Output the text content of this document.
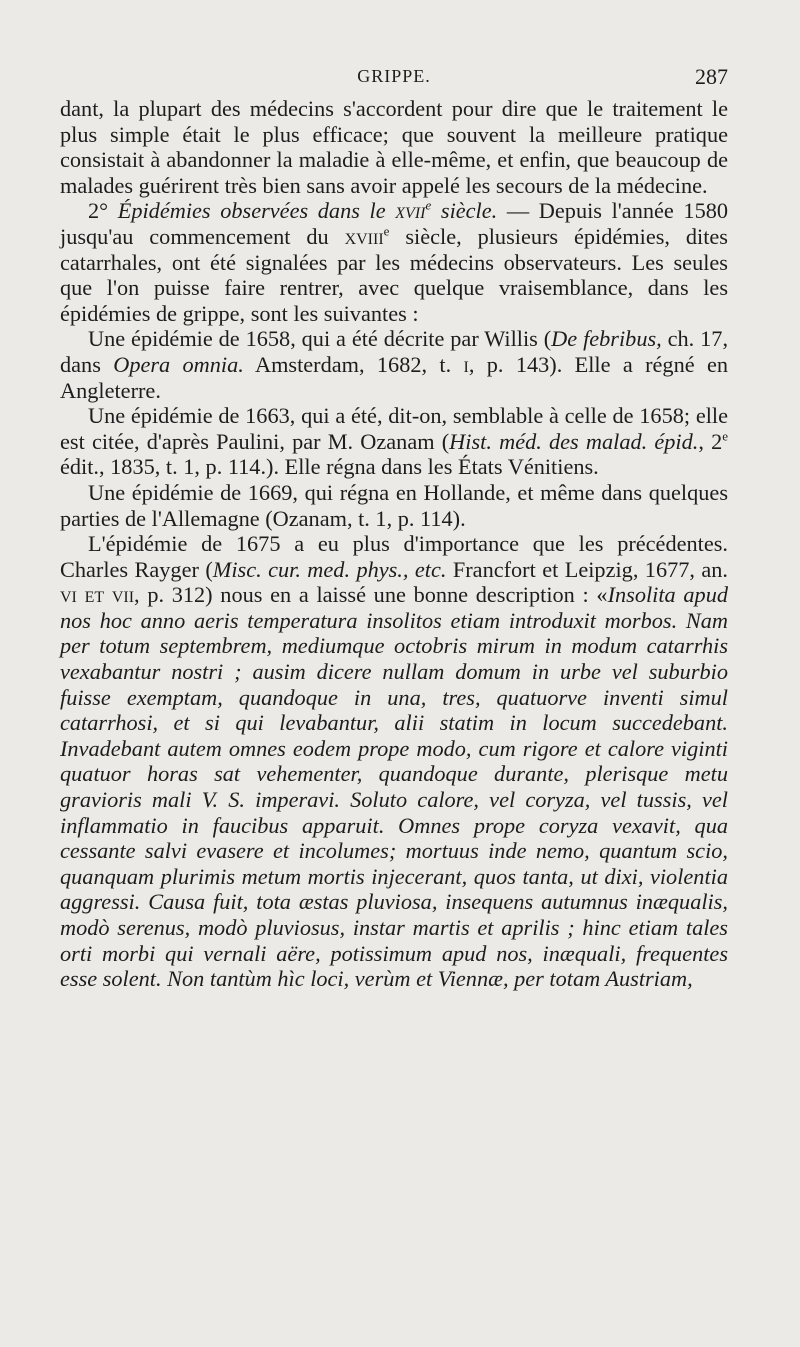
GRIPPE.	287

dant, la plupart des médecins s'accordent pour dire que le traitement le plus simple était le plus efficace; que souvent la meilleure pratique consistait à abandonner la maladie à elle-même, et enfin, que beaucoup de malades guérirent très bien sans avoir appelé les secours de la médecine.

2° Épidémies observées dans le xvii$^e$ siècle. — Depuis l'année 1580 jusqu'au commencement du xviii$^e$ siècle, plusieurs épidémies, dites catarrhales, ont été signalées par les médecins observateurs. Les seules que l'on puisse faire rentrer, avec quelque vraisemblance, dans les épidémies de grippe, sont les suivantes :

Une épidémie de 1658, qui a été décrite par Willis (De febribus, ch. 17, dans Opera omnia. Amsterdam, 1682, t. i, p. 143). Elle a régné en Angleterre.

Une épidémie de 1663, qui a été, dit-on, semblable à celle de 1658; elle est citée, d'après Paulini, par M. Ozanam (Hist. méd. des malad. épid., 2e édit., 1835, t. 1, p. 114.). Elle régna dans les États Vénitiens.

Une épidémie de 1669, qui régna en Hollande, et même dans quelques parties de l'Allemagne (Ozanam, t. 1, p. 114).

L'épidémie de 1675 a eu plus d'importance que les précédentes. Charles Rayger (Misc. cur. med. phys., etc. Francfort et Leipzig, 1677, an. vi et vii, p. 312) nous en a laissé une bonne description : «Insolita apud nos hoc anno aeris temperatura insolitos etiam introduxit morbos. Nam per totum septembrem, mediumque octobris mirum in modum catarrhis vexabantur nostri ; ausim dicere nullam domum in urbe vel suburbio fuisse exemptam, quandoque in una, tres, quatuorve inventi simul catarrhosi, et si qui levabantur, alii statim in locum succedebant. Invadebant autem omnes eodem prope modo, cum rigore et calore viginti quatuor horas sat vehementer, quandoque durante, plerisque metu gravioris mali V. S. imperavi. Soluto calore, vel coryza, vel tussis, vel inflammatio in faucibus apparuit. Omnes prope coryza vexavit, qua cessante salvi evasere et incolumes; mortuus inde nemo, quantum scio, quanquam plurimis metum mortis injecerant, quos tanta, ut dixi, violentia aggressi. Causa fuit, tota æstas pluviosa, insequens autumnus inæqualis, modò serenus, modò pluviosus, instar martis et aprilis ; hinc etiam tales orti morbi qui vernali aëre, potissimum apud nos, inæquali, frequentes esse solent. Non tantùm hìc loci, verùm et Viennæ, per totam Austriam,
